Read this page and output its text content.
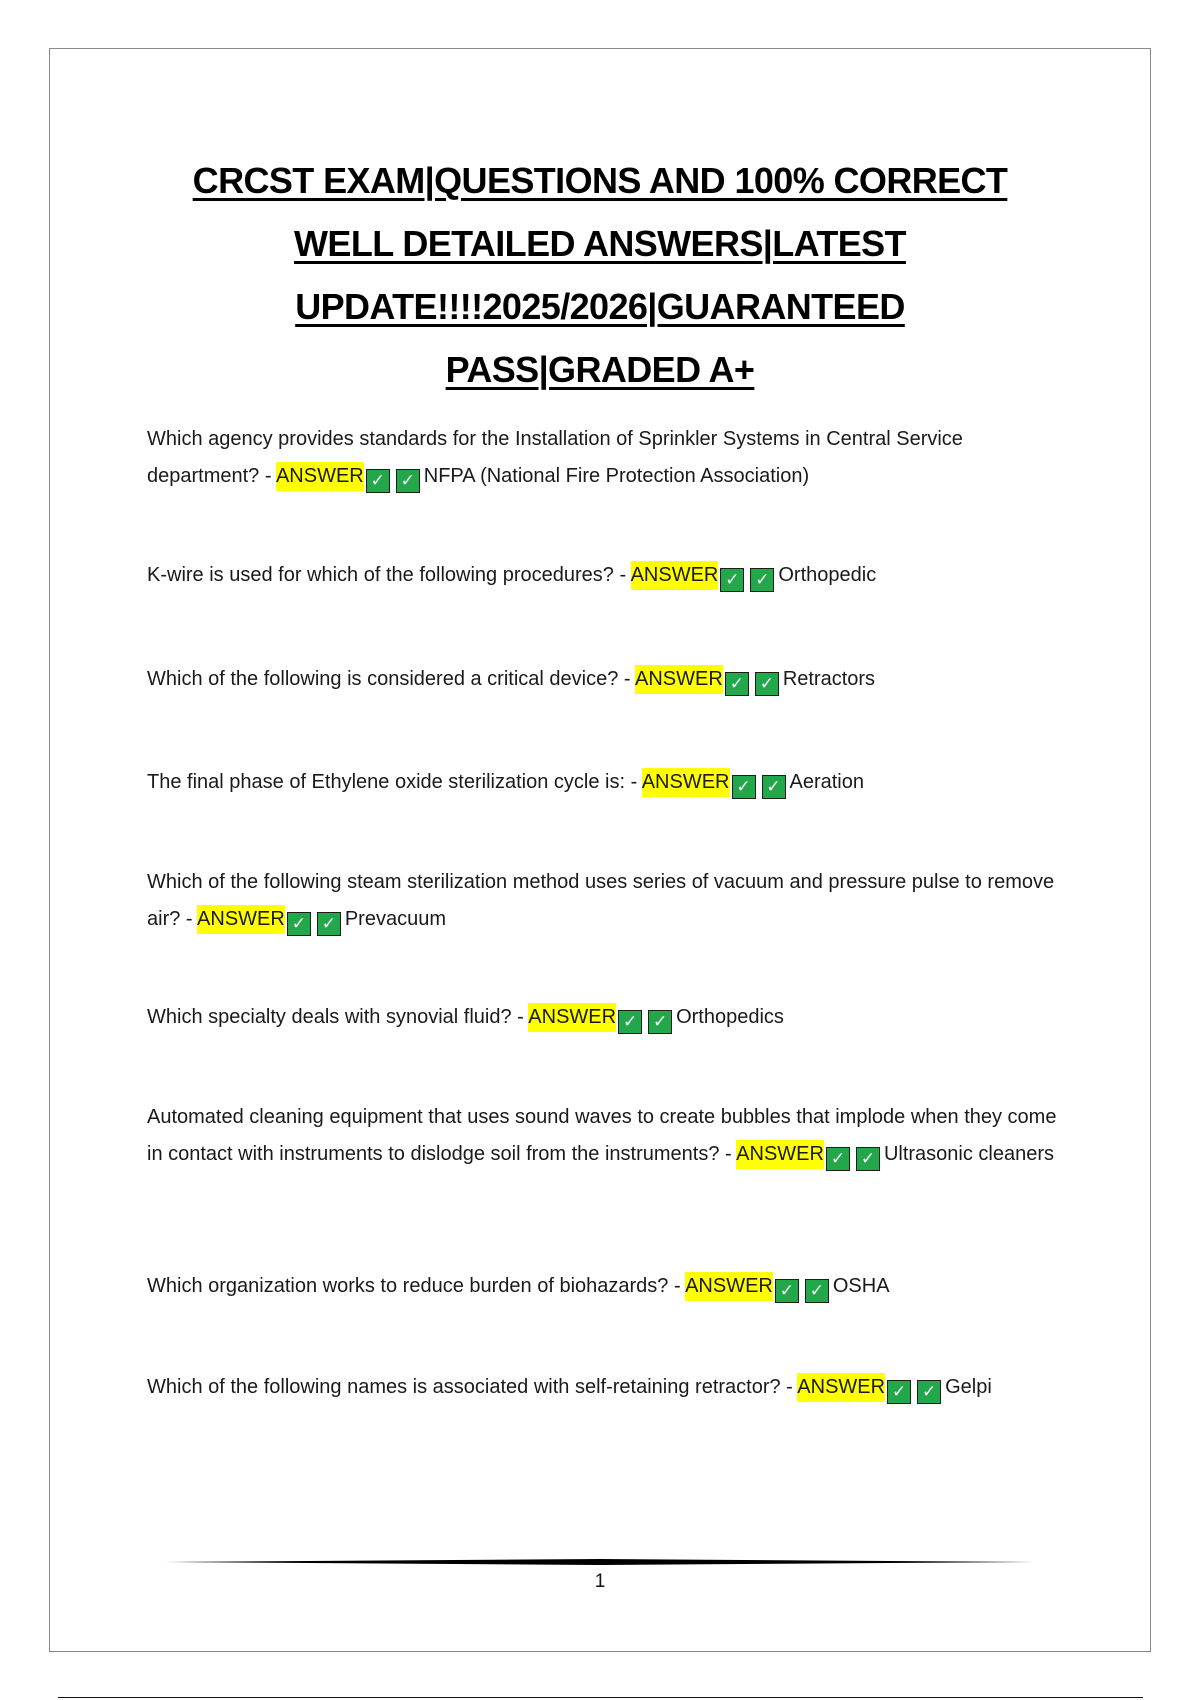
CRCST EXAM|QUESTIONS AND 100% CORRECT
WELL DETAILED ANSWERS|LATEST
UPDATE!!!!2025/2026|GUARANTEED
PASS|GRADED A+
Which agency provides standards for the Installation of Sprinkler Systems in Central Service department? - ANSWER ✓ ✓ NFPA (National Fire Protection Association)
K-wire is used for which of the following procedures? - ANSWER ✓ ✓ Orthopedic
Which of the following is considered a critical device? - ANSWER ✓ ✓ Retractors
The final phase of Ethylene oxide sterilization cycle is: - ANSWER ✓ ✓ Aeration
Which of the following steam sterilization method uses series of vacuum and pressure pulse to remove air? - ANSWER ✓ ✓ Prevacuum
Which specialty deals with synovial fluid? - ANSWER ✓ ✓ Orthopedics
Automated cleaning equipment that uses sound waves to create bubbles that implode when they come in contact with instruments to dislodge soil from the instruments? - ANSWER ✓ ✓ Ultrasonic cleaners
Which organization works to reduce burden of biohazards? - ANSWER ✓ ✓ OSHA
Which of the following names is associated with self-retaining retractor? - ANSWER ✓ ✓ Gelpi
1
